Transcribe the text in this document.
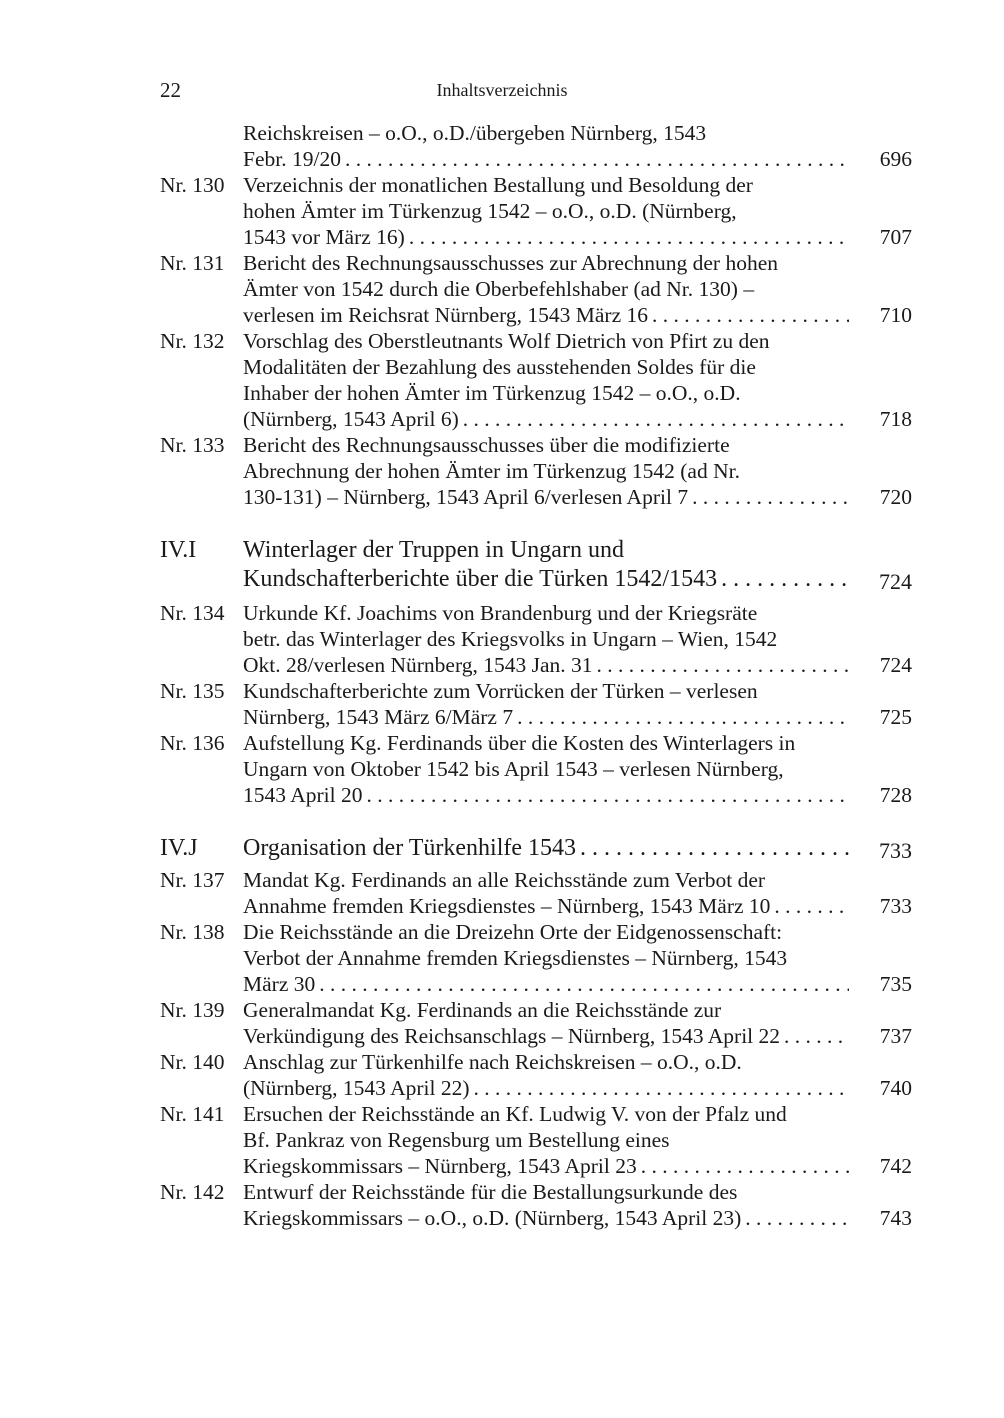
22	Inhaltsverzeichnis
Reichskreisen – o.O., o.D./übergeben Nürnberg, 1543
Febr. 19/20 . . .	696
Nr. 130 Verzeichnis der monatlichen Bestallung und Besoldung der
hohen Ämter im Türkenzug 1542 – o.O., o.D. (Nürnberg,
1543 vor März 16) . . .	707
Nr. 131 Bericht des Rechnungsausschusses zur Abrechnung der hohen
Ämter von 1542 durch die Oberbefehlshaber (ad Nr. 130) –
verlesen im Reichsrat Nürnberg, 1543 März 16 . . .	710
Nr. 132 Vorschlag des Oberstleutnants Wolf Dietrich von Pfirt zu den
Modalitäten der Bezahlung des ausstehenden Soldes für die
Inhaber der hohen Ämter im Türkenzug 1542 – o.O., o.D.
(Nürnberg, 1543 April 6) . . .	718
Nr. 133 Bericht des Rechnungsausschusses über die modifizierte
Abrechnung der hohen Ämter im Türkenzug 1542 (ad Nr.
130-131) – Nürnberg, 1543 April 6/verlesen April 7 . . .	720
IV.I Winterlager der Truppen in Ungarn und
Kundschafterberichte über die Türken 1542/1543 . . .	724
Nr. 134 Urkunde Kf. Joachims von Brandenburg und der Kriegsräte
betr. das Winterlager des Kriegsvolks in Ungarn – Wien, 1542
Okt. 28/verlesen Nürnberg, 1543 Jan. 31 . . .	724
Nr. 135 Kundschafterberichte zum Vorrücken der Türken – verlesen
Nürnberg, 1543 März 6/März 7 . . .	725
Nr. 136 Aufstellung Kg. Ferdinands über die Kosten des Winterlagers in
Ungarn von Oktober 1542 bis April 1543 – verlesen Nürnberg,
1543 April 20 . . .	728
IV.J Organisation der Türkenhilfe 1543 . . .	733
Nr. 137 Mandat Kg. Ferdinands an alle Reichsstände zum Verbot der
Annahme fremden Kriegsdienstes – Nürnberg, 1543 März 10 . . .	733
Nr. 138 Die Reichsstände an die Dreizehn Orte der Eidgenossenschaft:
Verbot der Annahme fremden Kriegsdienstes – Nürnberg, 1543
März 30 . . .	735
Nr. 139 Generalmandat Kg. Ferdinands an die Reichsstände zur
Verkündigung des Reichsanschlags – Nürnberg, 1543 April 22 . . .	737
Nr. 140 Anschlag zur Türkenhilfe nach Reichskreisen – o.O., o.D.
(Nürnberg, 1543 April 22) . . .	740
Nr. 141 Ersuchen der Reichsstände an Kf. Ludwig V. von der Pfalz und
Bf. Pankraz von Regensburg um Bestellung eines
Kriegskommissars – Nürnberg, 1543 April 23 . . .	742
Nr. 142 Entwurf der Reichsstände für die Bestallungsurkunde des
Kriegskommissars – o.O., o.D. (Nürnberg, 1543 April 23) . . .	743
